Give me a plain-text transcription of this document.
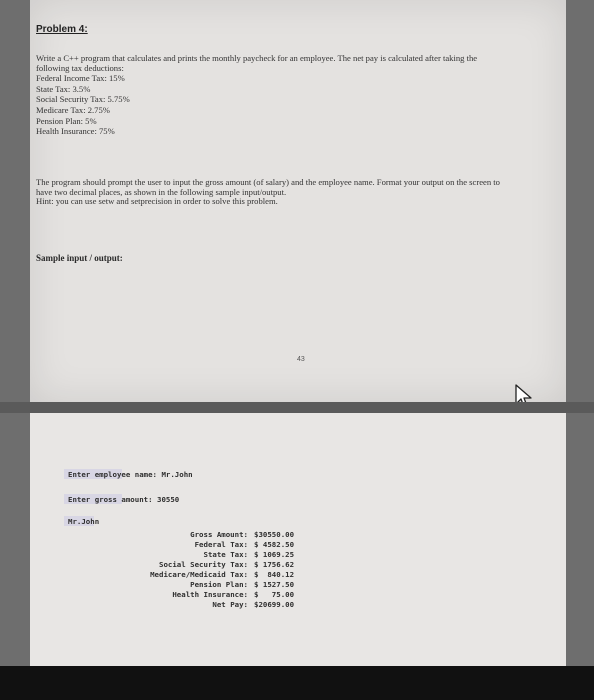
Problem 4:
Write a C++ program that calculates and prints the monthly paycheck for an employee. The net pay is calculated after taking the following tax deductions:
Federal Income Tax: 15%
State Tax: 3.5%
Social Security Tax: 5.75%
Medicare Tax: 2.75%
Pension Plan: 5%
Health Insurance: 75%
The program should prompt the user to input the gross amount (of salary) and the employee name. Format your output on the screen to have two decimal places, as shown in the following sample input/output.
Hint: you can use setw and setprecision in order to solve this problem.
Sample input / output:
43
Enter employee name: Mr.John
Enter gross amount: 30550
Mr.John
Gross Amount: $30550.00
Federal Tax: $ 4582.50
State Tax: $ 1069.25
Social Security Tax: $ 1756.62
Medicare/Medicaid Tax: $  840.12
Pension Plan: $ 1527.50
Health Insurance: $   75.00
Net Pay: $20699.00
